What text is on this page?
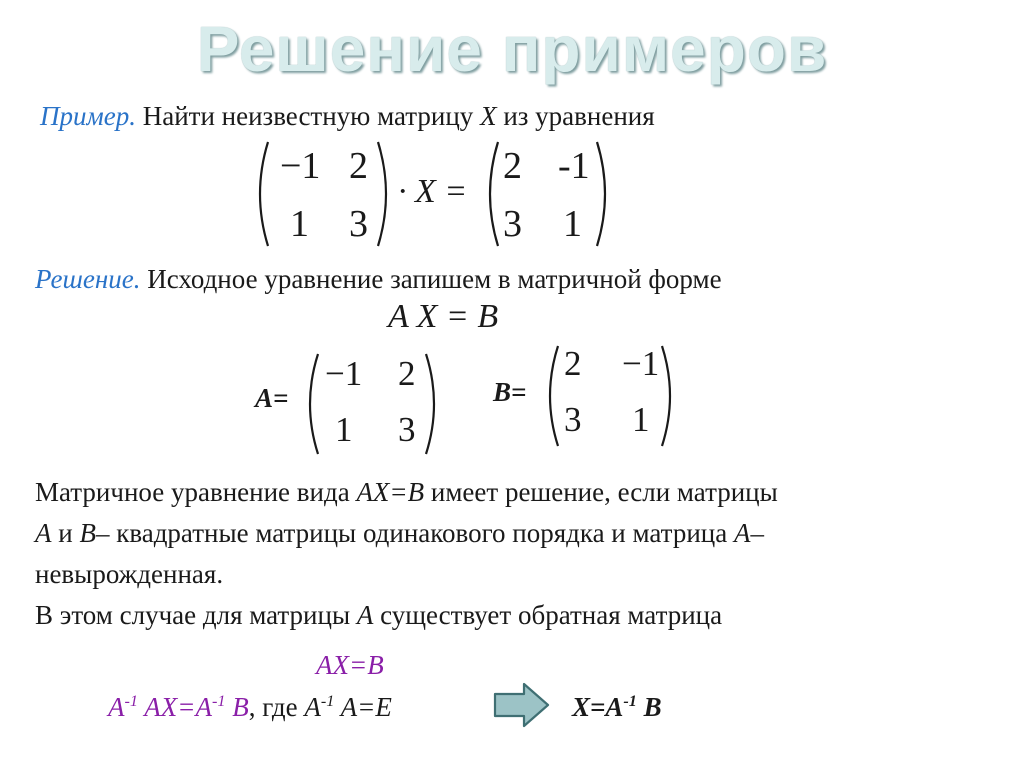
Решение примеров
Пример. Найти неизвестную матрицу X из уравнения
−1 2
1 3
· X =
2 -1
3 1
Решение. Исходное уравнение запишем в матричной форме
A X = B
A=
−1 2
1 3
B=
2 −1
3 1
Матричное уравнение вида AX=B имеет решение, если матрицы
A и B– квадратные матрицы одинакового порядка и матрица A–
невырожденная.
В этом случае для матрицы A существует обратная матрица
AX=B
$A^{-1}$ $AX=A^{-1}$ B, где $A^{-1}$ A=E	$X=A^{-1}$ B
